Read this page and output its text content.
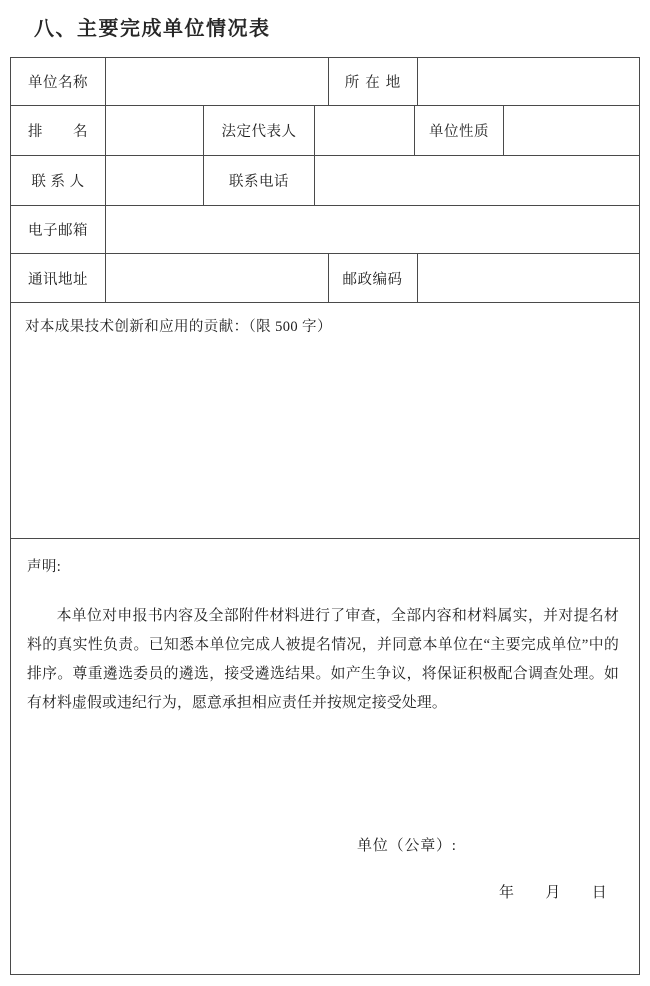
八、主要完成单位情况表
单位名称	所在地
排　　名	法定代表人	单位性质
联 系 人	联系电话
电子邮箱
通讯地址	邮政编码
对本成果技术创新和应用的贡献：（限 500 字）
声明:
本单位对申报书内容及全部附件材料进行了审查，全部内容和材料属实，并对提名材料的真实性负责。已知悉本单位完成人被提名情况，并同意本单位在“主要完成单位”中的排序。尊重遴选委员的遴选，接受遴选结果。如产生争议，将保证积极配合调查处理。如有材料虚假或违纪行为，愿意承担相应责任并按规定接受处理。
单位（公章）:
年 月 日
